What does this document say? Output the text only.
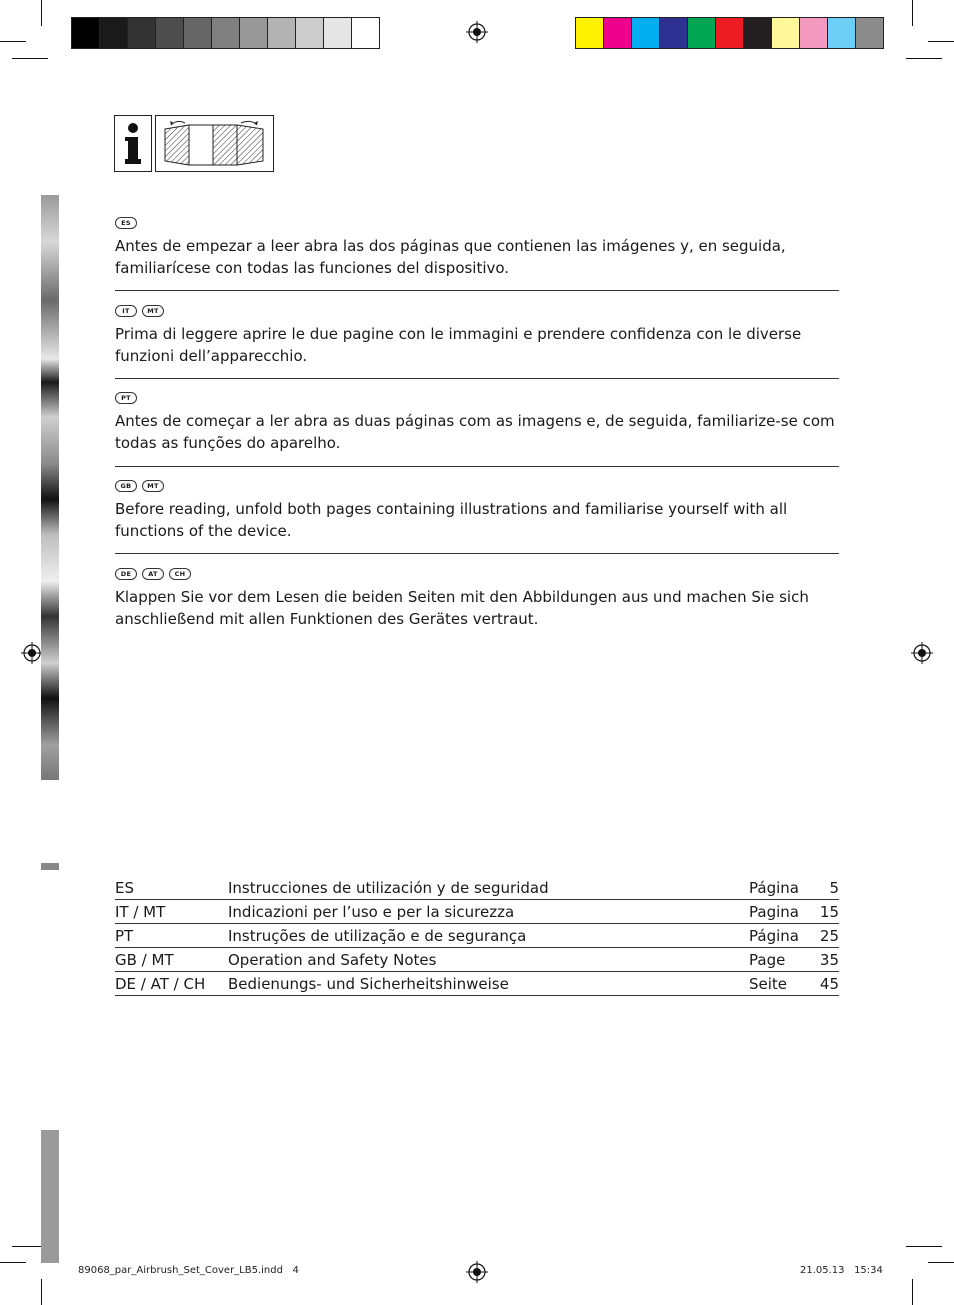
ES

Antes de empezar a leer abra las dos páginas que contienen las imágenes y, en seguida, familiarícese con todas las funciones del dispositivo.

IT	MT

Prima di leggere aprire le due pagine con le immagini e prendere confidenza con le diverse funzioni dell’apparecchio.

PT

Antes de começar a ler abra as duas páginas com as imagens e, de seguida, familiarize-se com todas as funções do aparelho.

GB	MT

Before reading, unfold both pages containing illustrations and familiarise yourself with all functions of the device.

DE	AT	CH

Klappen Sie vor dem Lesen die beiden Seiten mit den Abbildungen aus und machen Sie sich anschließend mit allen Funktionen des Gerätes vertraut.

ES	Instrucciones de utilización y de seguridad	Página	5
IT / MT	Indicazioni per l’uso e per la sicurezza	Pagina	15
PT	Instruções de utilização e de segurança	Página	25
GB / MT	Operation and Safety Notes	Page	35
DE / AT / CH	Bedienungs- und Sicherheitshinweise	Seite	45
89068_par_Airbrush_Set_Cover_LB5.indd   4	21.05.13   15:34
